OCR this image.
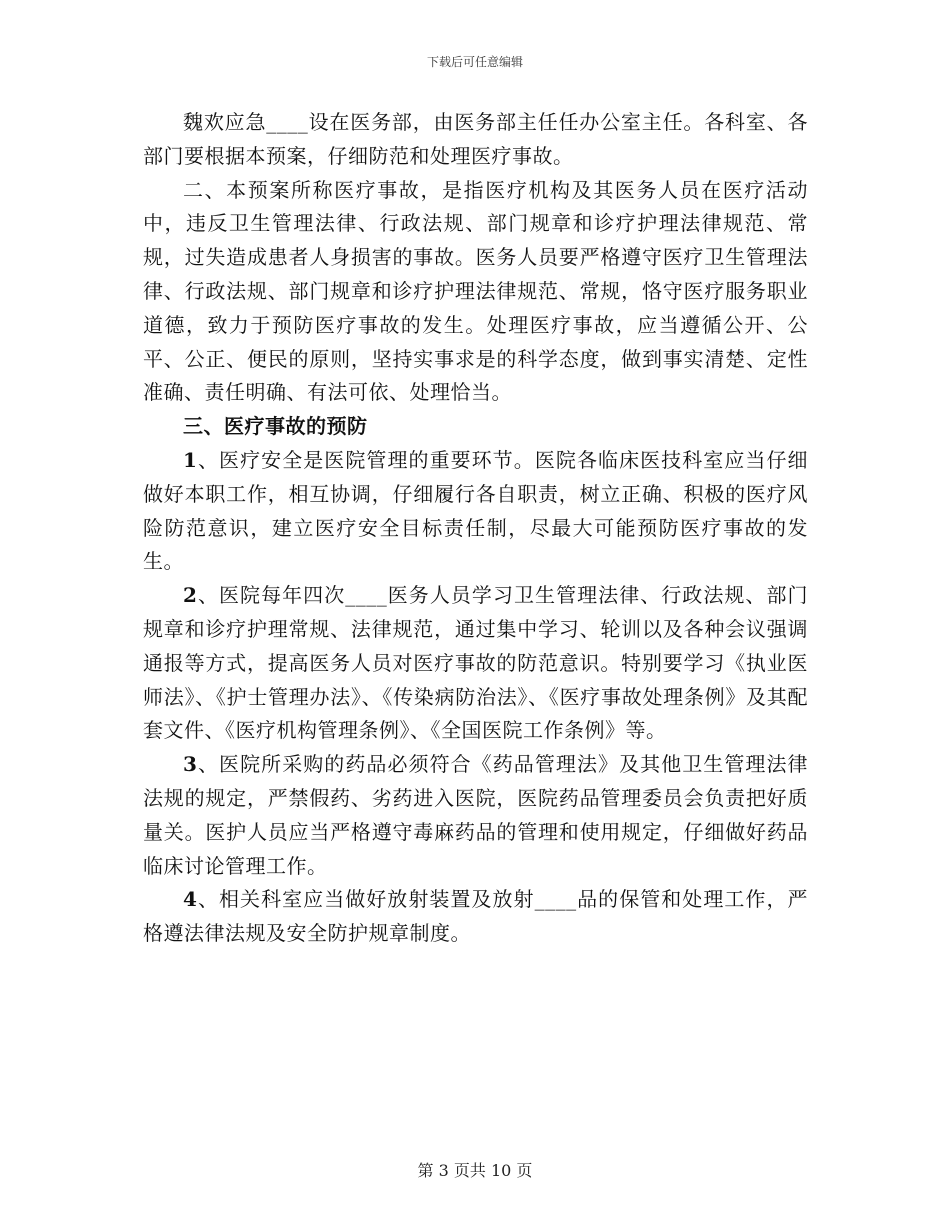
下载后可任意编辑

魏欢应急____设在医务部，由医务部主任任办公室主任。各科室、各部门要根据本预案，仔细防范和处理医疗事故。

二、本预案所称医疗事故，是指医疗机构及其医务人员在医疗活动中，违反卫生管理法律、行政法规、部门规章和诊疗护理法律规范、常规，过失造成患者人身损害的事故。医务人员要严格遵守医疗卫生管理法律、行政法规、部门规章和诊疗护理法律规范、常规，恪守医疗服务职业道德，致力于预防医疗事故的发生。处理医疗事故，应当遵循公开、公平、公正、便民的原则，坚持实事求是的科学态度，做到事实清楚、定性准确、责任明确、有法可依、处理恰当。

三、医疗事故的预防

1、医疗安全是医院管理的重要环节。医院各临床医技科室应当仔细做好本职工作，相互协调，仔细履行各自职责，树立正确、积极的医疗风险防范意识，建立医疗安全目标责任制，尽最大可能预防医疗事故的发生。

2、医院每年四次____医务人员学习卫生管理法律、行政法规、部门规章和诊疗护理常规、法律规范，通过集中学习、轮训以及各种会议强调通报等方式，提高医务人员对医疗事故的防范意识。特别要学习《执业医师法》、《护士管理办法》、《传染病防治法》、《医疗事故处理条例》及其配套文件、《医疗机构管理条例》、《全国医院工作条例》等。

3、医院所采购的药品必须符合《药品管理法》及其他卫生管理法律法规的规定，严禁假药、劣药进入医院，医院药品管理委员会负责把好质量关。医护人员应当严格遵守毒麻药品的管理和使用规定，仔细做好药品临床讨论管理工作。

4、相关科室应当做好放射装置及放射____品的保管和处理工作，严格遵法律法规及安全防护规章制度。

第 3 页共 10 页
